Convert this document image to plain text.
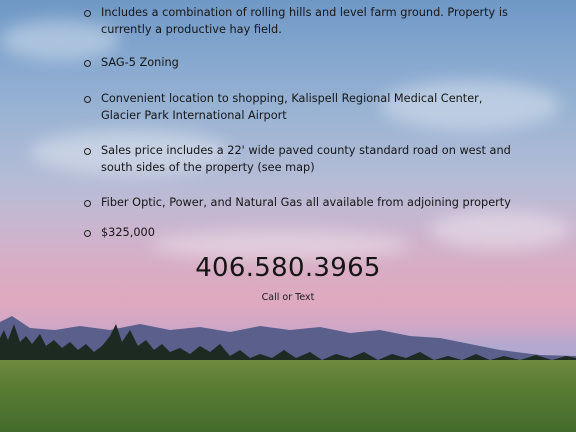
Includes a combination of rolling hills and level farm ground. Property is currently a productive hay field.
SAG-5 Zoning
Convenient location to shopping, Kalispell Regional Medical Center, Glacier Park International Airport
Sales price includes a 22' wide paved county standard road on west and south sides of the property (see map)
Fiber Optic, Power, and Natural Gas all available from adjoining property
$325,000
406.580.3965
Call or Text
